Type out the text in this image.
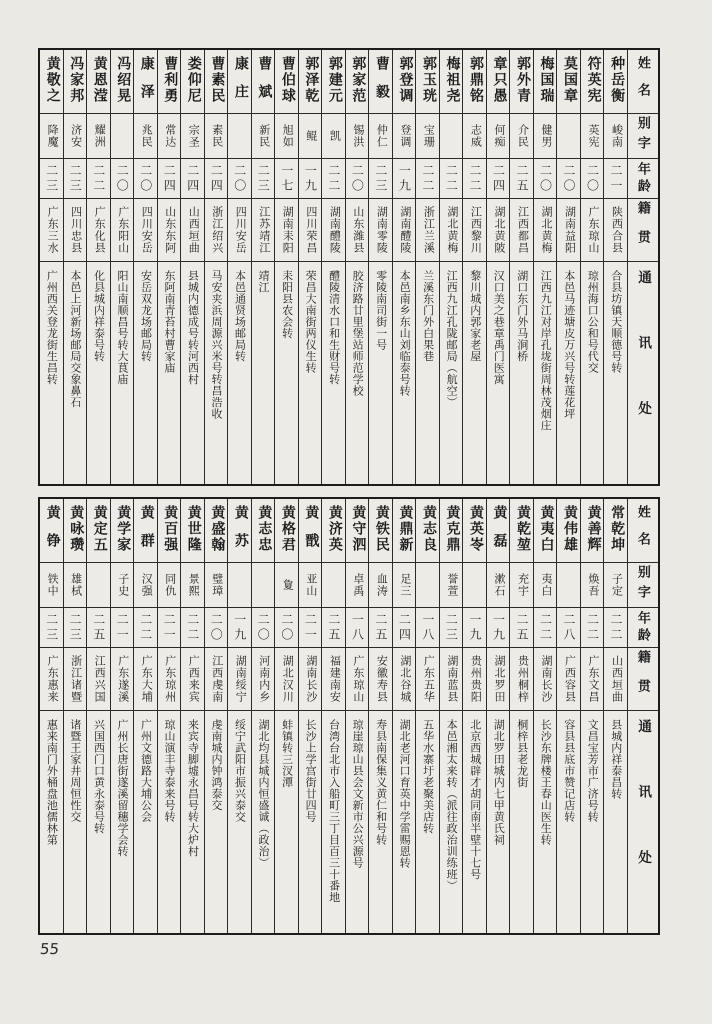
姓名
别字
年龄
籍贯
通讯处
种岳衡
峻南
二一
陕西合县
合县坊镇天顺德号转
符英宪
英宪
二〇
广东琼山
琼州海口公和号代交
莫国章
二〇
湖南益阳
本邑马迹塘皮万兴号转莲花坪
梅国瑞
健男
二〇
湖北黄梅
江西九江对岸孔垅街周林茂烟庄
郭外青
介民
二五
江西都昌
湖口东门外马涧桥
章只愚
何痴
二四
湖北黄陂
汉口美之巷章禹门医寓
郭鼎铭
志威
二二
江西黎川
黎川城内郭家老屋
梅祖尧
二二
湖北黄梅
江西九江孔陇邮局（航空）
郭玉珖
宝珊
二二
浙江兰溪
兰溪东门外白果巷
郭登调
登调
一九
湖南醴陵
本邑南乡东山刘临泰号转
曹毅
仲仁
二三
湖南零陵
零陵南司街一号
郭家范
锡洪
二〇
山东潍县
胶济路廿里堡站师范学校
郭建元
凯
二二
湖南醴陵
醴陵清水口和生财号转
郭泽乾
鲲
一九
四川荣昌
荣昌大南街两仪生转
曹伯球
旭如
一七
湖南耒阳
耒阳县农会转
曹斌
新民
二三
江苏靖江
靖江
康庄
二〇
四川安岳
本邑通贤场邮局转
曹素民
素民
二四
浙江绍兴
马安夹浜周源兴米号转昌浩收
娄仰尼
宗圣
二四
山西垣曲
县城内德成号转河西村
曹利勇
常达
二四
山东东阿
东阿南青苔村曹家庙
康泽
兆民
二〇
四川安岳
安岳双龙场邮局转
冯绍晃
二〇
广东阳山
阳山南顺昌号转大茛庙
黄恩滢
耀洲
二二
广东化县
化县城内祥泰号转
冯家邦
济安
二三
四川忠县
本邑上河新场邮局交象鼻石
黄敬之
降魔
二三
广东三水
广州西关登龙街生昌转
姓名
别字
年龄
籍贯
通讯处
常乾坤
子定
二二
山西垣曲
县城内祥泰昌转
黄善辉
焕吾
二二
广东文昌
文昌宝芳市广济号转
黄伟雄
二八
广西容县
容县县底市赞记店转
黄夷白
夷白
二二
湖南长沙
长沙东牌楼王春山医生转
黄乾堃
充宇
二五
贵州桐梓
桐梓县老龙街
黄磊
漱石
一九
湖北罗田
湖北罗田城内七甲黄氏祠
黄英岺
一九
贵州贵阳
北京西城辟才胡同南半壁十七号
黄克鼎
誉萱
二三
湖南蓝县
本邑湘太来转（派往政治训练班）
黄志良
一八
广东五华
五华水寨圩老聚美店转
黄鼎新
足三
二四
湖北谷城
湖北老河口育英中学雷赐恩转
黄铁民
血涛
二五
安徽寿县
寿县南保集义黄仁和号转
黄守泗
卓禹
一八
广东琼山
琼崖琼山县会文新市公兴源号
黄济英
二五
福建南安
台湾台北市入船町三丁目百三十番地
黄戬
亚山
二一
湖南长沙
长沙上学宫街廿四号
黄格君
夐
二〇
湖北汉川
蚌镇转三汊潭
黄志忠
二〇
河南内乡
湖北均县城内恒盛诚（政治）
黄苏
一九
湖南绥宁
绥宁武阳市振兴泰交
黄盛翰
璧璋
二〇
江西虔南
虔南城内钟鸿泰交
黄世隆
景熙
二二
广西来宾
来宾寺脚墟永昌号转大炉村
黄百强
同仇
二一
广东琼州
琼山演丰寺泰来号转
黄群
汉强
二二
广东大埔
广州文德路大埔公会
黄学家
子史
二一
广东遂溪
广州长唐街遂溪留穗学会转
黄定五
二五
江西兴国
兴国西门口黄永泰号转
黄咏瓒
雄栻
二三
浙江诸暨
诸暨王家井周恒性交
黄铮
铁中
二三
广东惠来
惠来南门外桶盘池儒林第
55
